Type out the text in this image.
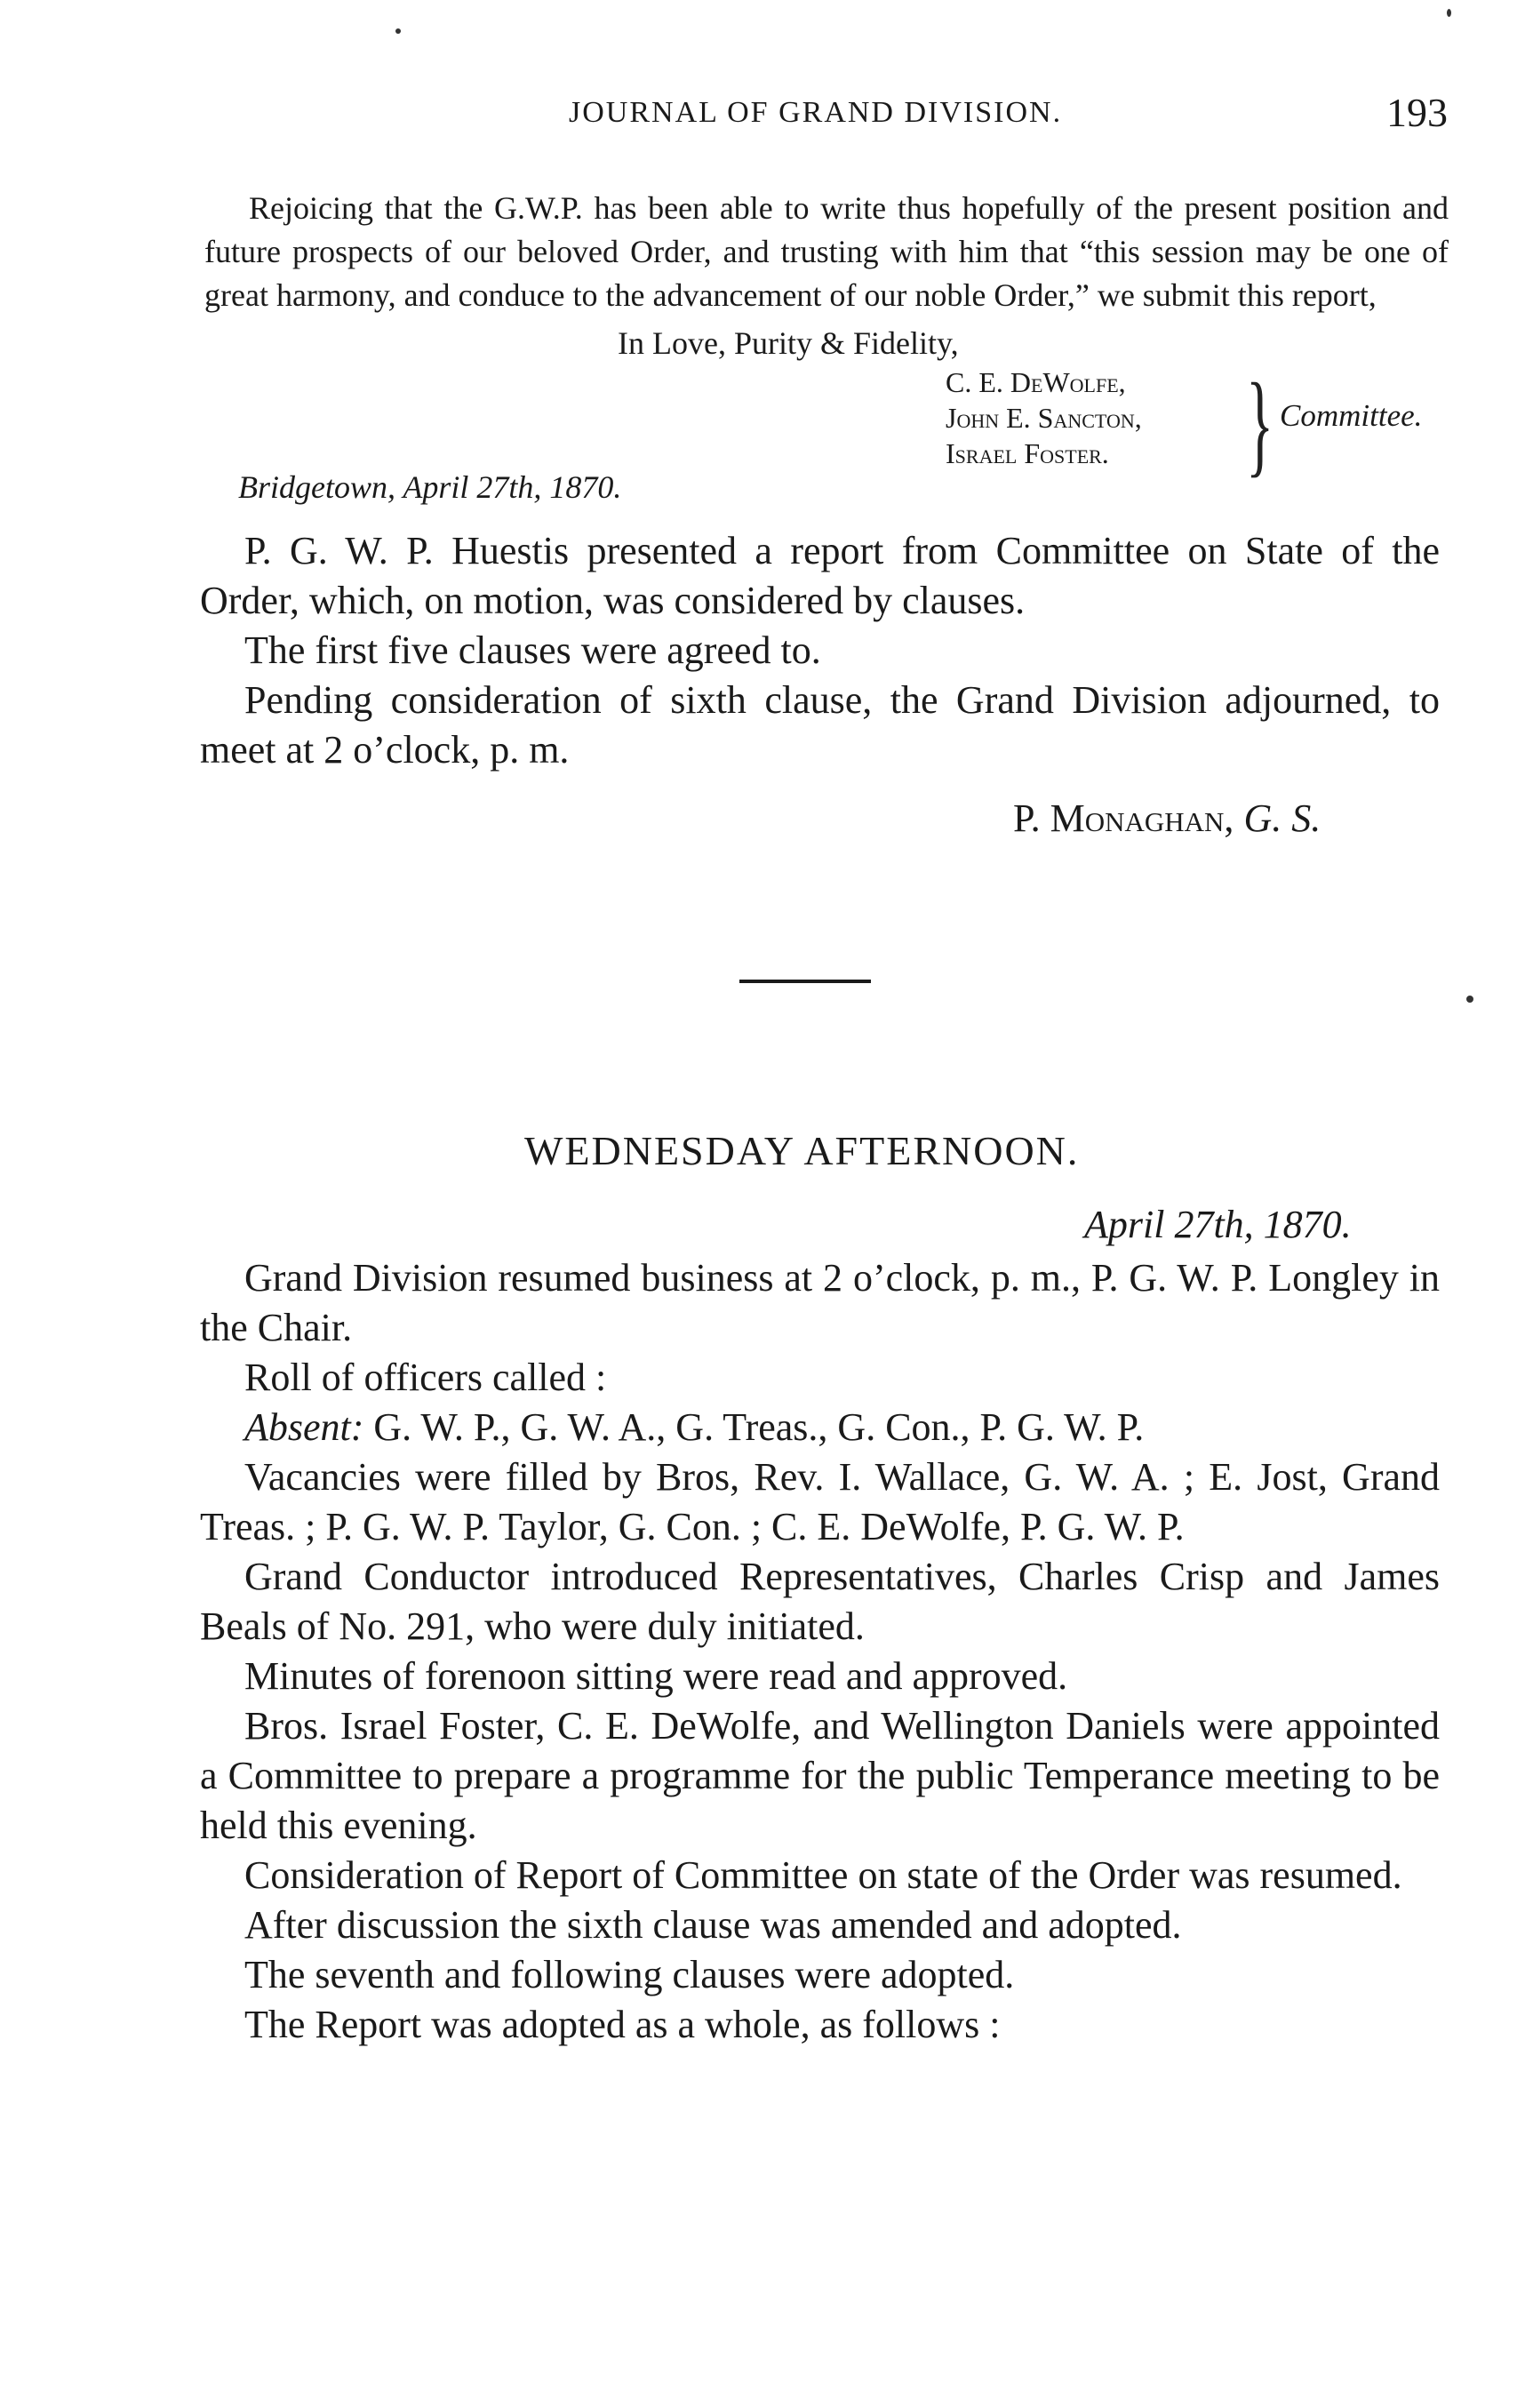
JOURNAL OF GRAND DIVISION.	193

Rejoicing that the G.W.P. has been able to write thus hopefully of the present position and future prospects of our beloved Order, and trusting with him that “this session may be one of great harmony, and conduce to the advancement of our noble Order,” we submit this report,

In Love, Purity & Fidelity,
C. E. DeWolfe,
John E. Sancton,
Israel Foster. } Committee.
Bridgetown, April 27th, 1870.

P. G. W. P. Huestis presented a report from Committee on State of the Order, which, on motion, was considered by clauses.

The first five clauses were agreed to.

Pending consideration of sixth clause, the Grand Division adjourned, to meet at 2 o’clock, p. m.

P. Monaghan, G. S.
WEDNESDAY AFTERNOON.
April 27th, 1870.

Grand Division resumed business at 2 o’clock, p. m., P. G. W. P. Longley in the Chair.

Roll of officers called :

Absent: G. W. P., G. W. A., G. Treas., G. Con., P. G. W. P.

Vacancies were filled by Bros, Rev. I. Wallace, G. W. A. ; E. Jost, Grand Treas. ; P. G. W. P. Taylor, G. Con. ; C. E. DeWolfe, P. G. W. P.

Grand Conductor introduced Representatives, Charles Crisp and James Beals of No. 291, who were duly initiated.

Minutes of forenoon sitting were read and approved.

Bros. Israel Foster, C. E. DeWolfe, and Wellington Daniels were appointed a Committee to prepare a programme for the public Temperance meeting to be held this evening.

Consideration of Report of Committee on state of the Order was resumed.

After discussion the sixth clause was amended and adopted.

The seventh and following clauses were adopted.

The Report was adopted as a whole, as follows :
